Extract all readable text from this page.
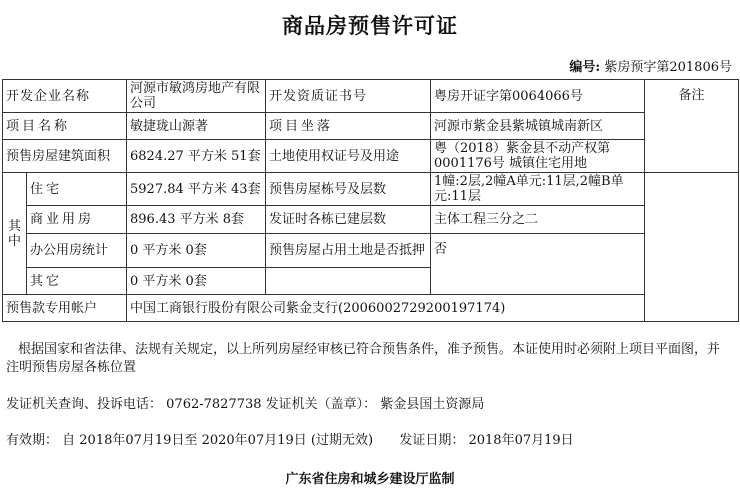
商品房预售许可证
编号: 紫房预字第201806号
开发企业名称		河源市敏鸿房地产有限公司	开发资质证书号	粤房开证字第0064066号	备注
项目名称		敏捷珑山源著	项目坐落	河源市紫金县紫城镇城南新区	
预售房屋建筑面积		6824.27 平方米 51套	土地使用权证号及用途	粤（2018）紫金县不动产权第0001176号 城镇住宅用地	

其
中	住宅	5927.84 平方米 43套	预售房屋栋号及层数	1幢:2层,2幢A单元:11层,2幢B单元:11层	
	商业用房	896.43 平方米 8套	发证时各栋已建层数	主体工程三分之二	
	办公用房统计	0 平方米 0套	预售房屋占用土地是否抵押	否	
	其它	0 平方米 0套			
预售款专用帐户		中国工商银行股份有限公司紫金支行(2006002729200197174)			
根据国家和省法律、法规有关规定，以上所列房屋经审核已符合预售条件，准予预售。本证使用时必须附上项目平面图，并注明预售房屋各栋位置
发证机关查询、投诉电话： 0762-7827738 发证机关（盖章）： 紫金县国土资源局
有效期： 自 2018年07月19日至 2020年07月19日 (过期无效) 发证日期： 2018年07月19日
广东省住房和城乡建设厅监制
